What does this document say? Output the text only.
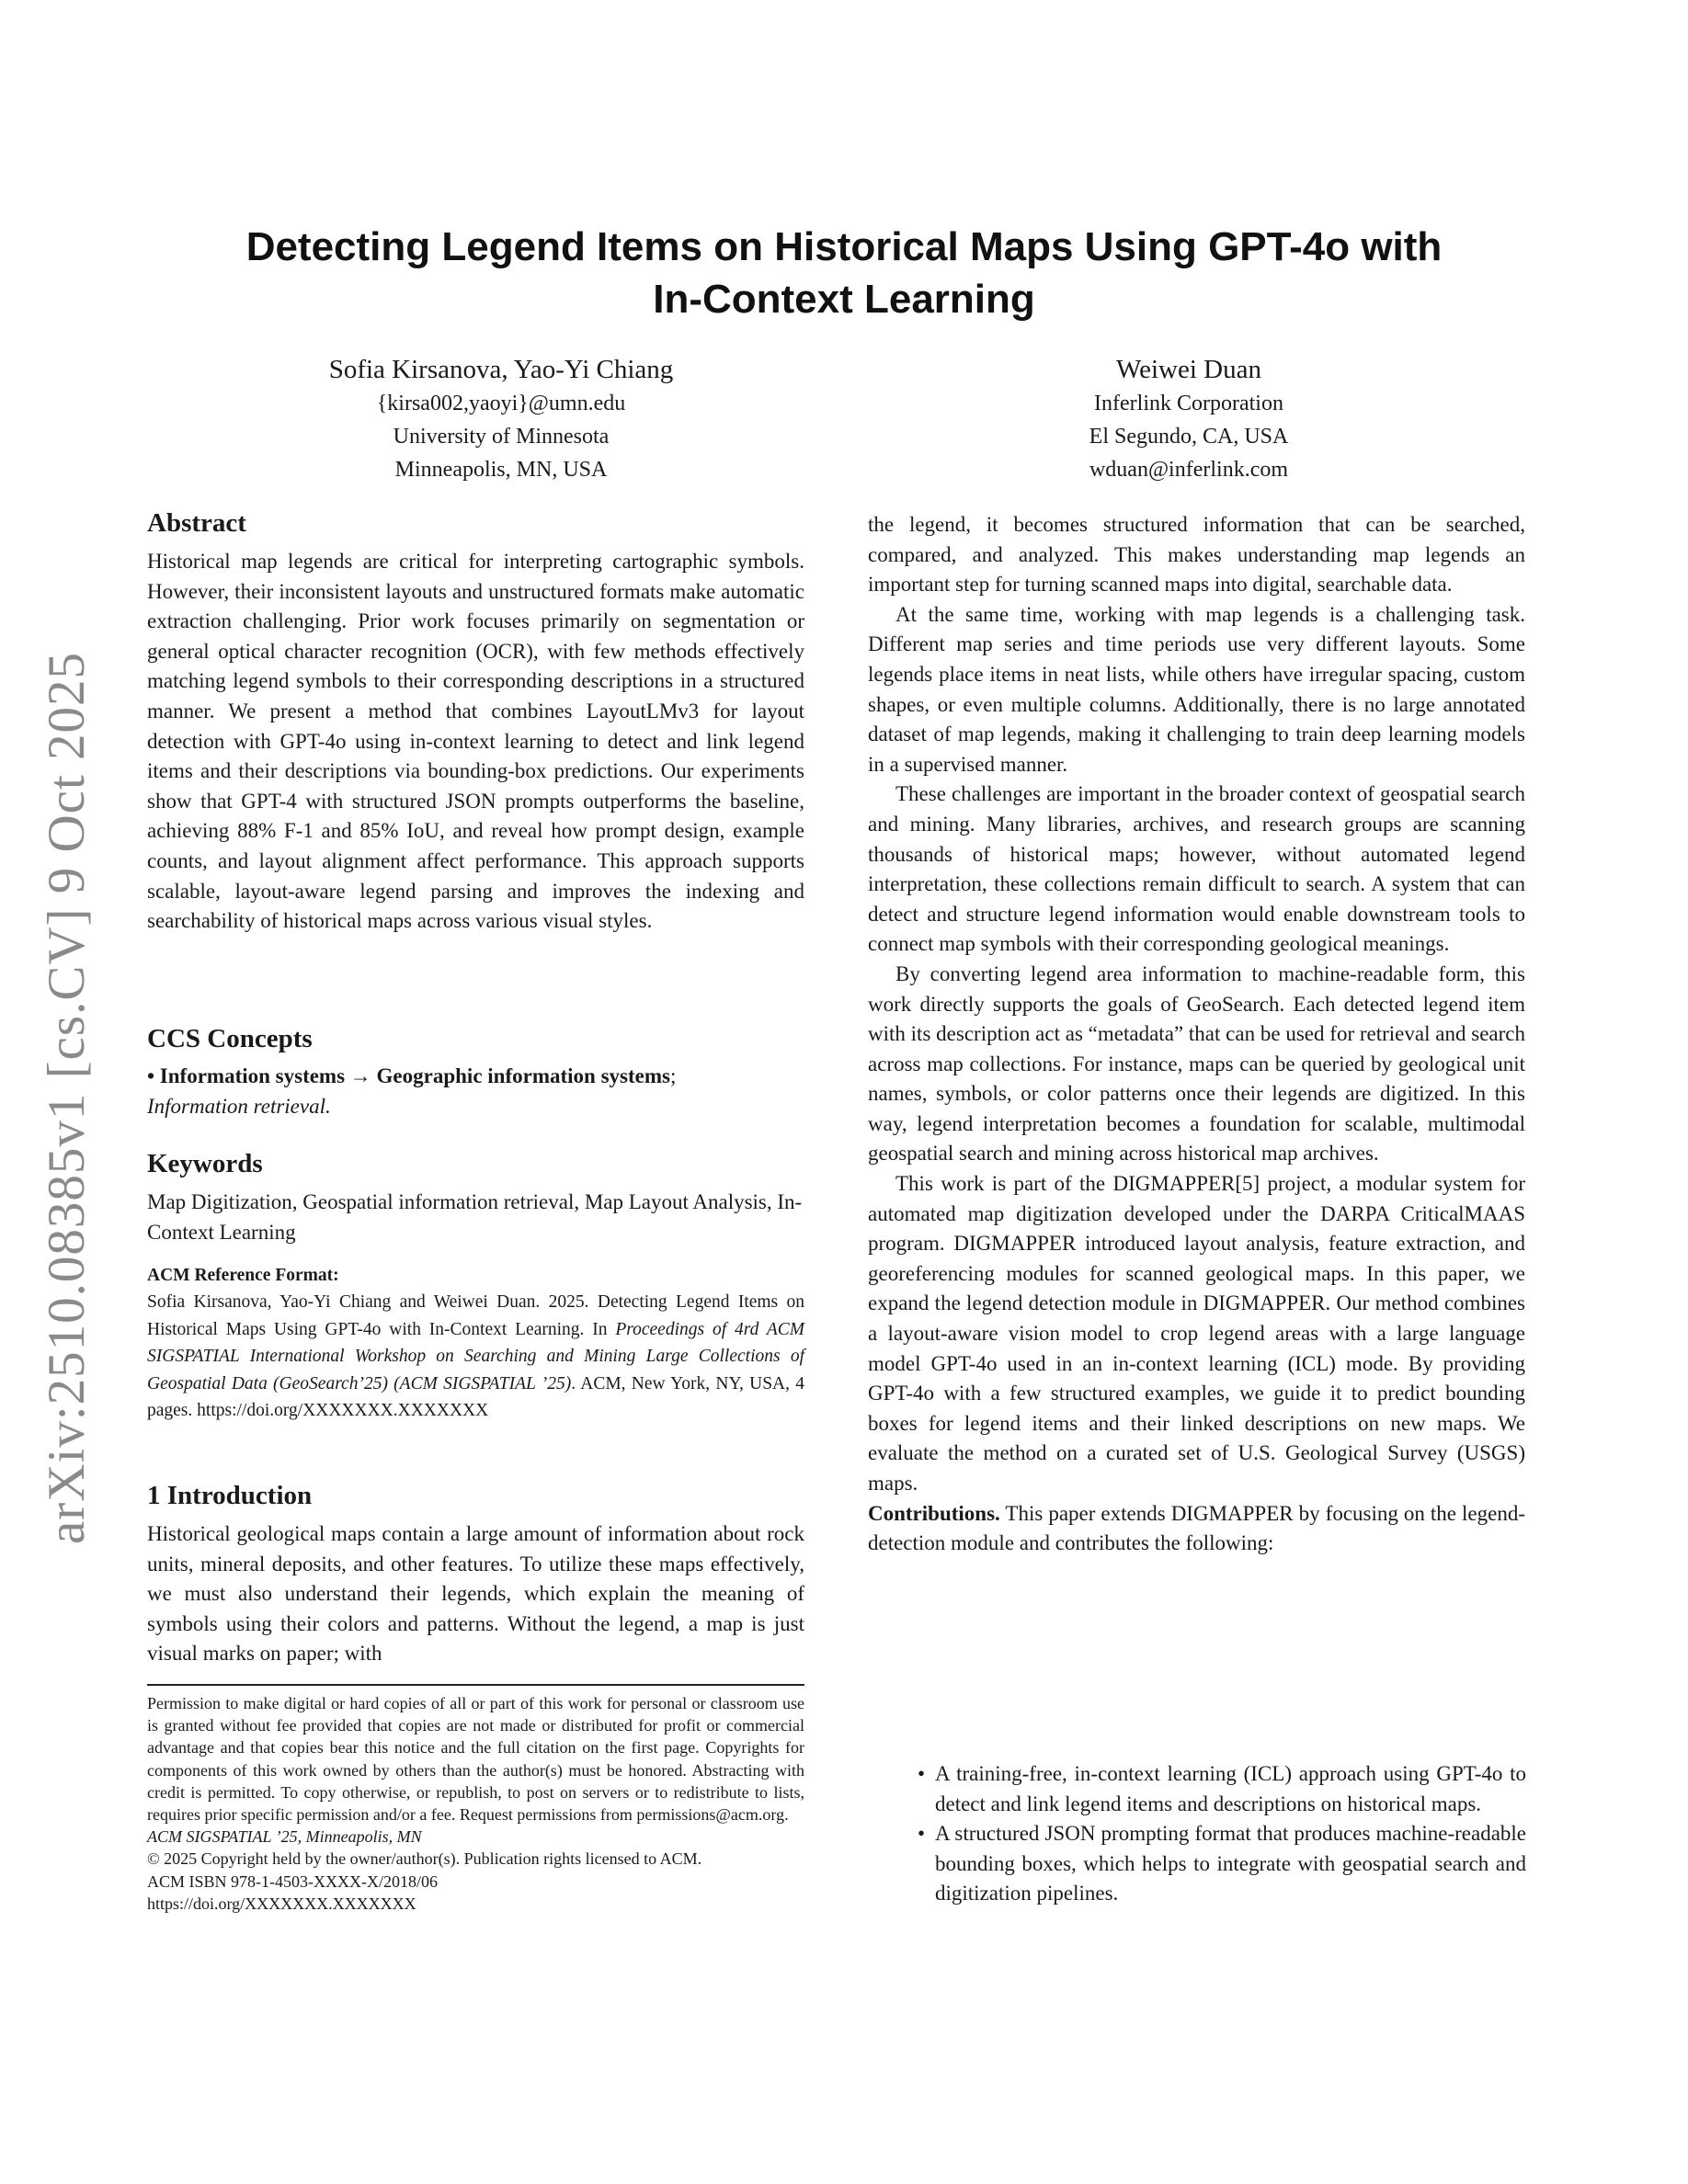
arXiv:2510.08385v1 [cs.CV] 9 Oct 2025
Detecting Legend Items on Historical Maps Using GPT-4o with
In-Context Learning
Sofia Kirsanova, Yao-Yi Chiang
{kirsa002,yaoyi}@umn.edu
University of Minnesota
Minneapolis, MN, USA
Weiwei Duan
Inferlink Corporation
El Segundo, CA, USA
wduan@inferlink.com
Abstract

Historical map legends are critical for interpreting cartographic symbols. However, their inconsistent layouts and unstructured formats make automatic extraction challenging. Prior work focuses primarily on segmentation or general optical character recognition (OCR), with few methods effectively matching legend symbols to their corresponding descriptions in a structured manner. We present a method that combines LayoutLMv3 for layout detection with GPT-4o using in-context learning to detect and link legend items and their descriptions via bounding-box predictions. Our experiments show that GPT-4 with structured JSON prompts outperforms the baseline, achieving 88% F-1 and 85% IoU, and reveal how prompt design, example counts, and layout alignment affect performance. This approach supports scalable, layout-aware legend parsing and improves the indexing and searchability of historical maps across various visual styles.

CCS Concepts
• Information systems → Geographic information systems;
Information retrieval.
Keywords
Map Digitization, Geospatial information retrieval, Map Layout Analysis, In-Context Learning
ACM Reference Format:
Sofia Kirsanova, Yao-Yi Chiang and Weiwei Duan. 2025. Detecting Legend Items on Historical Maps Using GPT-4o with In-Context Learning. In Proceedings of 4rd ACM SIGSPATIAL International Workshop on Searching and Mining Large Collections of Geospatial Data (GeoSearch’25) (ACM SIGSPATIAL ’25). ACM, New York, NY, USA, 4 pages. https://doi.org/XXXXXXX.XXXXXXX
1 Introduction

Historical geological maps contain a large amount of information about rock units, mineral deposits, and other features. To utilize these maps effectively, we must also understand their legends, which explain the meaning of symbols using their colors and patterns. Without the legend, a map is just visual marks on paper; with

Permission to make digital or hard copies of all or part of this work for personal or classroom use is granted without fee provided that copies are not made or distributed for profit or commercial advantage and that copies bear this notice and the full citation on the first page. Copyrights for components of this work owned by others than the author(s) must be honored. Abstracting with credit is permitted. To copy otherwise, or republish, to post on servers or to redistribute to lists, requires prior specific permission and/or a fee. Request permissions from permissions@acm.org.
ACM SIGSPATIAL ’25, Minneapolis, MN
© 2025 Copyright held by the owner/author(s). Publication rights licensed to ACM.
ACM ISBN 978-1-4503-XXXX-X/2018/06
https://doi.org/XXXXXXX.XXXXXXX

the legend, it becomes structured information that can be searched, compared, and analyzed. This makes understanding map legends an important step for turning scanned maps into digital, searchable data.

At the same time, working with map legends is a challenging task. Different map series and time periods use very different layouts. Some legends place items in neat lists, while others have irregular spacing, custom shapes, or even multiple columns. Additionally, there is no large annotated dataset of map legends, making it challenging to train deep learning models in a supervised manner.

These challenges are important in the broader context of geospatial search and mining. Many libraries, archives, and research groups are scanning thousands of historical maps; however, without automated legend interpretation, these collections remain difficult to search. A system that can detect and structure legend information would enable downstream tools to connect map symbols with their corresponding geological meanings.

By converting legend area information to machine-readable form, this work directly supports the goals of GeoSearch. Each detected legend item with its description act as “metadata” that can be used for retrieval and search across map collections. For instance, maps can be queried by geological unit names, symbols, or color patterns once their legends are digitized. In this way, legend interpretation becomes a foundation for scalable, multimodal geospatial search and mining across historical map archives.

This work is part of the DIGMAPPER[5] project, a modular system for automated map digitization developed under the DARPA CriticalMAAS program. DIGMAPPER introduced layout analysis, feature extraction, and georeferencing modules for scanned geological maps. In this paper, we expand the legend detection module in DIGMAPPER. Our method combines a layout-aware vision model to crop legend areas with a large language model GPT-4o used in an in-context learning (ICL) mode. By providing GPT-4o with a few structured examples, we guide it to predict bounding boxes for legend items and their linked descriptions on new maps. We evaluate the method on a curated set of U.S. Geological Survey (USGS) maps.

Contributions. This paper extends DIGMAPPER by focusing on the legend-detection module and contributes the following:

• A training-free, in-context learning (ICL) approach using GPT-4o to detect and link legend items and descriptions on historical maps.
• A structured JSON prompting format that produces machine-readable bounding boxes, which helps to integrate with geospatial search and digitization pipelines.
